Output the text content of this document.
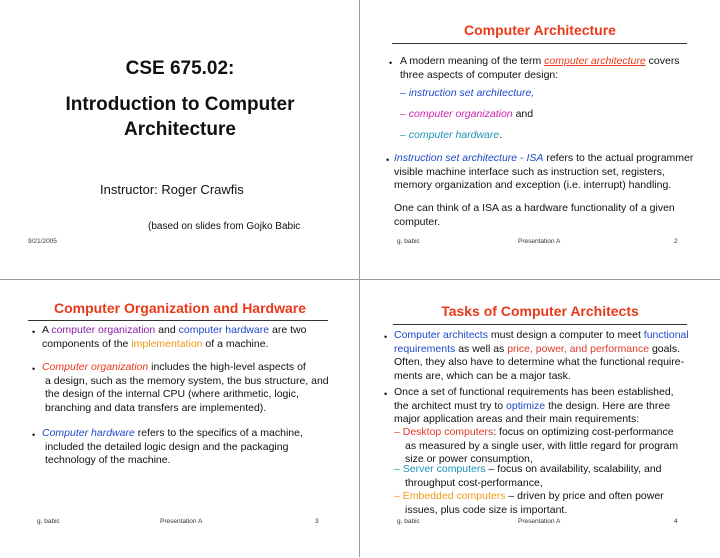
CSE 675.02:
Introduction to Computer
Architecture
Instructor: Roger Crawfis
(based on slides from Gojko Babic
9/21/2005
Computer Architecture
• A modern meaning of the term computer architecture covers
three aspects of computer design:
– instruction set architecture,
– computer organization and
– computer hardware.
• Instruction set architecture - ISA refers to the actual programmer
visible machine interface such as instruction set, registers,
memory organization and exception (i.e. interrupt) handling.
One can think of a ISA as a hardware functionality of a given
computer.
g. babic	Presentation A	2
Computer Organization and Hardware
• A computer organization and computer hardware are two
components of the implementation of a machine.
• Computer organization includes the high-level aspects of
a design, such as the memory system, the bus structure, and
the design of the internal CPU (where arithmetic, logic,
branching and data transfers are implemented).
• Computer hardware refers to the specifics of a machine,
included the detailed logic design and the packaging
technology of the machine.
g. babic	Presentation A	3
Tasks of Computer Architects
• Computer architects must design a computer to meet functional
requirements as well as price, power, and performance goals.
Often, they also have to determine what the functional require-
ments are, which can be a major task.
• Once a set of functional requirements has been established,
the architect must try to optimize the design. Here are three
major application areas and their main requirements:
– Desktop computers: focus on optimizing cost-performance
as measured by a single user, with little regard for program
size or power consumption,
– Server computers – focus on availability, scalability, and
throughput cost-performance,
– Embedded computers – driven by price and often power
issues, plus code size is important.
g. babic	Presentation A	4
